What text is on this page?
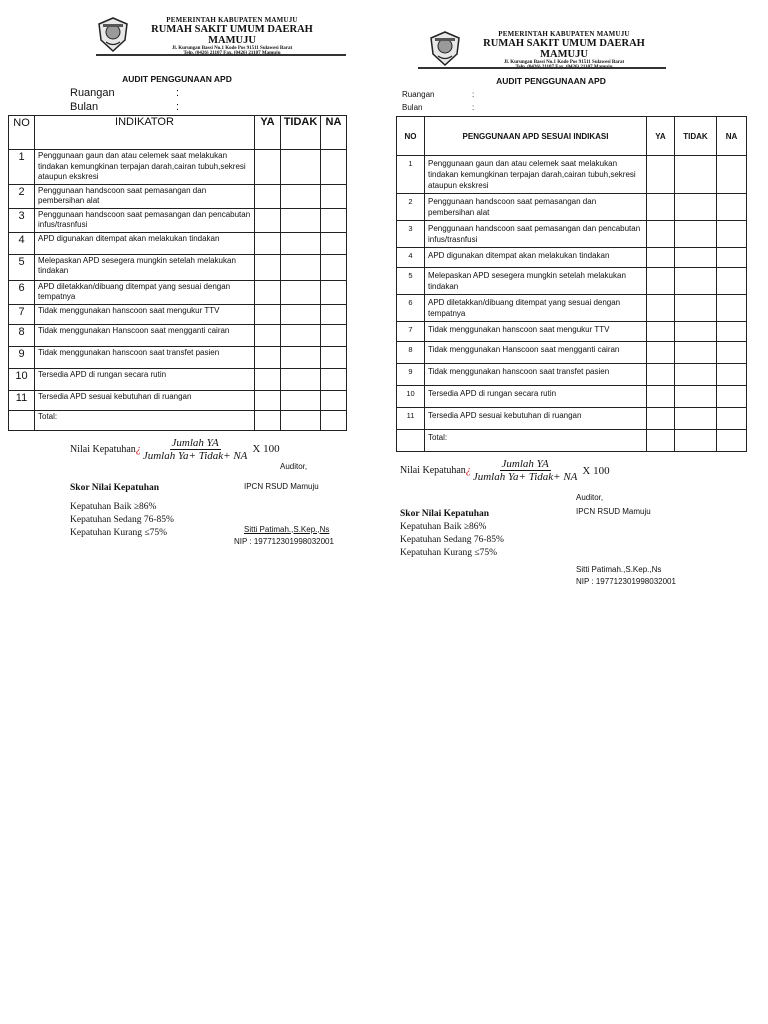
PEMERINTAH KABUPATEN MAMUJU
RUMAH SAKIT UMUM DAERAH MAMUJU
Jl. Kurungan Bassi No.1 Kode Pos 91511 Sulawesi Barat
AUDIT PENGGUNAAN APD
Ruangan	:
Bulan	:
NO	INDIKATOR	YA	TIDAK	NA
1	Penggunaan gaun dan atau celemek saat melakukan tindakan kemungkinan terpajan darah,cairan tubuh,sekresi ataupun ekskresi			
2	Penggunaan handscoon saat pemasangan dan pembersihan alat			
3	Penggunaan handscoon saat pemasangan dan pencabutan infus/trasnfusi			
4	APD digunakan ditempat akan melakukan tindakan			
5	Melepaskan APD sesegera mungkin setelah melakukan tindakan			
6	APD diletakkan/dibuang ditempat yang sesuai dengan tempatnya			
7	Tidak menggunakan hanscoon saat mengukur TTV			
8	Tidak menggunakan Hanscoon saat mengganti cairan			
9	Tidak menggunakan hanscoon saat transfet pasien			
10	Tersedia APD di rungan secara rutin			
11	Tersedia APD sesuai kebutuhan di ruangan			
	Total:			
Nilai Kepatuhan ¿ $\frac{\text{Jumlah YA}}{\text{Jumlah Ya+ Tidak+ NA}}$ X 100
Auditor,
Skor Nilai Kepatuhan
Kepatuhan Baik ≥86%
Kepatuhan Sedang 76-85%
Kepatuhan Kurang ≤75%
IPCN RSUD Mamuju
Sitti Patimah.,S.Kep.,Ns
NIP : 197712301998032001
PEMERINTAH KABUPATEN MAMUJU
RUMAH SAKIT UMUM DAERAH MAMUJU
Jl. Kurungan Bassi No.1 Kode Pos 91511 Sulawesi Barat
AUDIT PENGGUNAAN APD
Ruangan	:
Bulan	:
NO	PENGGUNAAN APD SESUAI INDIKASI	YA	TIDAK	NA
1	Penggunaan gaun dan atau celemek saat melakukan tindakan kemungkinan terpajan darah,cairan tubuh,sekresi ataupun ekskresi			
2	Penggunaan handscoon saat pemasangan dan pembersihan alat			
3	Penggunaan handscoon saat pemasangan dan pencabutan infus/trasnfusi			
4	APD digunakan ditempat akan melakukan tindakan			
5	Melepaskan APD sesegera mungkin setelah melakukan tindakan			
6	APD diletakkan/dibuang ditempat yang sesuai dengan tempatnya			
7	Tidak menggunakan hanscoon saat mengukur TTV			
8	Tidak menggunakan Hanscoon saat mengganti cairan			
9	Tidak menggunakan hanscoon saat transfet pasien			
10	Tersedia APD di rungan secara rutin			
11	Tersedia APD sesuai kebutuhan di ruangan			
	Total:			
Nilai Kepatuhan ¿ $\frac{\text{Jumlah YA}}{\text{Jumlah Ya+ Tidak+ NA}}$ X 100
Auditor,
IPCN RSUD Mamuju
Skor Nilai Kepatuhan
Kepatuhan Baik ≥86%
Kepatuhan Sedang 76-85%
Kepatuhan Kurang ≤75%
Sitti Patimah.,S.Kep.,Ns
NIP : 197712301998032001
